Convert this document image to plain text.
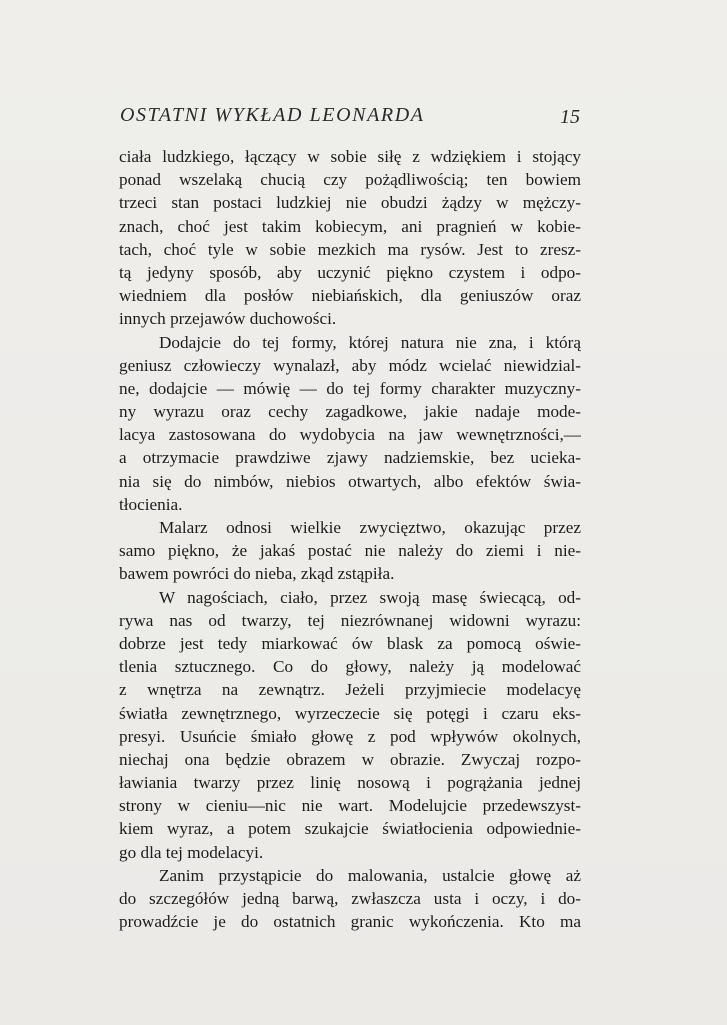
OSTATNI WYKŁAD LEONARDA	15
ciała ludzkiego, łączący w sobie siłę z wdziękiem i stojący
ponad wszelaką chucią czy pożądliwością; ten bowiem
trzeci stan postaci ludzkiej nie obudzi żądzy w mężczy-
znach, choć jest takim kobiecym, ani pragnień w kobie-
tach, choć tyle w sobie mezkich ma rysów. Jest to zresz-
tą jedyny sposób, aby uczynić piękno czystem i odpo-
wiedniem dla posłów niebiańskich, dla geniuszów oraz
innych przejawów duchowości.
Dodajcie do tej formy, której natura nie zna, i którą
geniusz człowieczy wynalazł, aby módz wcielać niewidzial-
ne, dodajcie — mówię — do tej formy charakter muzyczny-
ny wyrazu oraz cechy zagadkowe, jakie nadaje mode-
lacya zastosowana do wydobycia na jaw wewnętrzności,—
a otrzymacie prawdziwe zjawy nadziemskie, bez ucieka-
nia się do nimbów, niebios otwartych, albo efektów świa-
tłocienia.
Malarz odnosi wielkie zwycięztwo, okazując przez
samo piękno, że jakaś postać nie należy do ziemi i nie-
bawem powróci do nieba, zkąd zstąpiła.
W nagościach, ciało, przez swoją masę świecącą, od-
rywa nas od twarzy, tej niezrównanej widowni wyrazu:
dobrze jest tedy miarkować ów blask za pomocą oświe-
tlenia sztucznego. Co do głowy, należy ją modelować
z wnętrza na zewnątrz. Jeżeli przyjmiecie modelacyę
światła zewnętrznego, wyrzeczecie się potęgi i czaru eks-
presyi. Usuńcie śmiało głowę z pod wpływów okolnych,
niechaj ona będzie obrazem w obrazie. Zwyczaj rozpo-
ławiania twarzy przez linię nosową i pogrążania jednej
strony w cieniu—nic nie wart. Modelujcie przedewszyst-
kiem wyraz, a potem szukajcie światłocienia odpowiednie-
go dla tej modelacyi.
Zanim przystąpicie do malowania, ustalcie głowę aż
do szczegółów jedną barwą, zwłaszcza usta i oczy, i do-
prowadźcie je do ostatnich granic wykończenia. Kto ma
